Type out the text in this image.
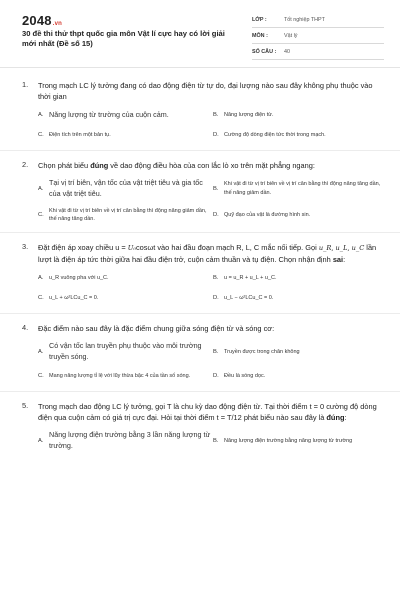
2048.vn
30 đề thi thử thpt quốc gia môn Vật lí cực hay có lời giải mới nhất (Đề số 15)
LỚP :	Tốt nghiệp THPT
MÔN :	Vật lý
SỐ CÂU :	40
1. Trong mạch LC lý tưởng đang có dao động điện từ tự do, đại lượng nào sau đây không phụ thuộc vào thời gian
A. Năng lượng từ trường của cuộn cảm.	B.	Năng lượng điện từ.
C. Điện tích trên một bản tụ.	D. Cường độ dòng điện tức thời trong mạch.
2. Chọn phát biểu đúng về dao động điều hòa của con lắc lò xo trên mặt phẳng ngang:
A.
Tại vị trí biên, vận tốc của vật triệt tiêu và gia tốc của vật triệt tiêu.	B.
Khi vật đi từ vị trí biên về vị trí cân bằng thì động năng tăng dần, thế năng giảm dần.
C.
Khi vật đi từ vị trí biên về vị trí cân bằng thì động năng giảm dần, thế năng tăng dần.
D. Quỹ đạo của vật là đường hình sin.
3. Đặt điện áp xoay chiều u = U₀cosωt vào hai đầu đoạn mạch R, L, C mắc nối tiếp. Gọi u_R, u_L, u_C lần lượt là điện áp tức thời giữa hai đầu điện trở, cuộn cảm thuần và tụ điện. Chọn nhận định sai:
A.	u_R vuông pha với u_C.	B.	u = u_R + u_L + u_C.
C. u_L + ω²LCu_C = 0.	D. u_L − ω²LCu_C = 0.
4. Đặc điểm nào sau đây là đặc điểm chung giữa sóng điện từ và sóng cơ:
A.
Có vận tốc lan truyền phụ thuộc vào môi trường truyền sóng.	B.	Truyền được trong chân không
C. Mang năng lượng tỉ lệ với lũy thừa bậc 4 của tần số sóng.	D. Đều là sóng dọc.
5. Trong mạch dao động LC lý tưởng, gọi T là chu kỳ dao động điện từ. Tại thời điểm t = 0 cường độ dòng điện qua cuộn cảm có giá trị cực đại. Hỏi tại thời điểm t = T/12 phát biểu nào sau đây là đúng:
A.
Năng lượng điện trường bằng 3 lần năng lượng từ trường.	B.	Năng lượng điện trường bằng năng lượng từ trường
